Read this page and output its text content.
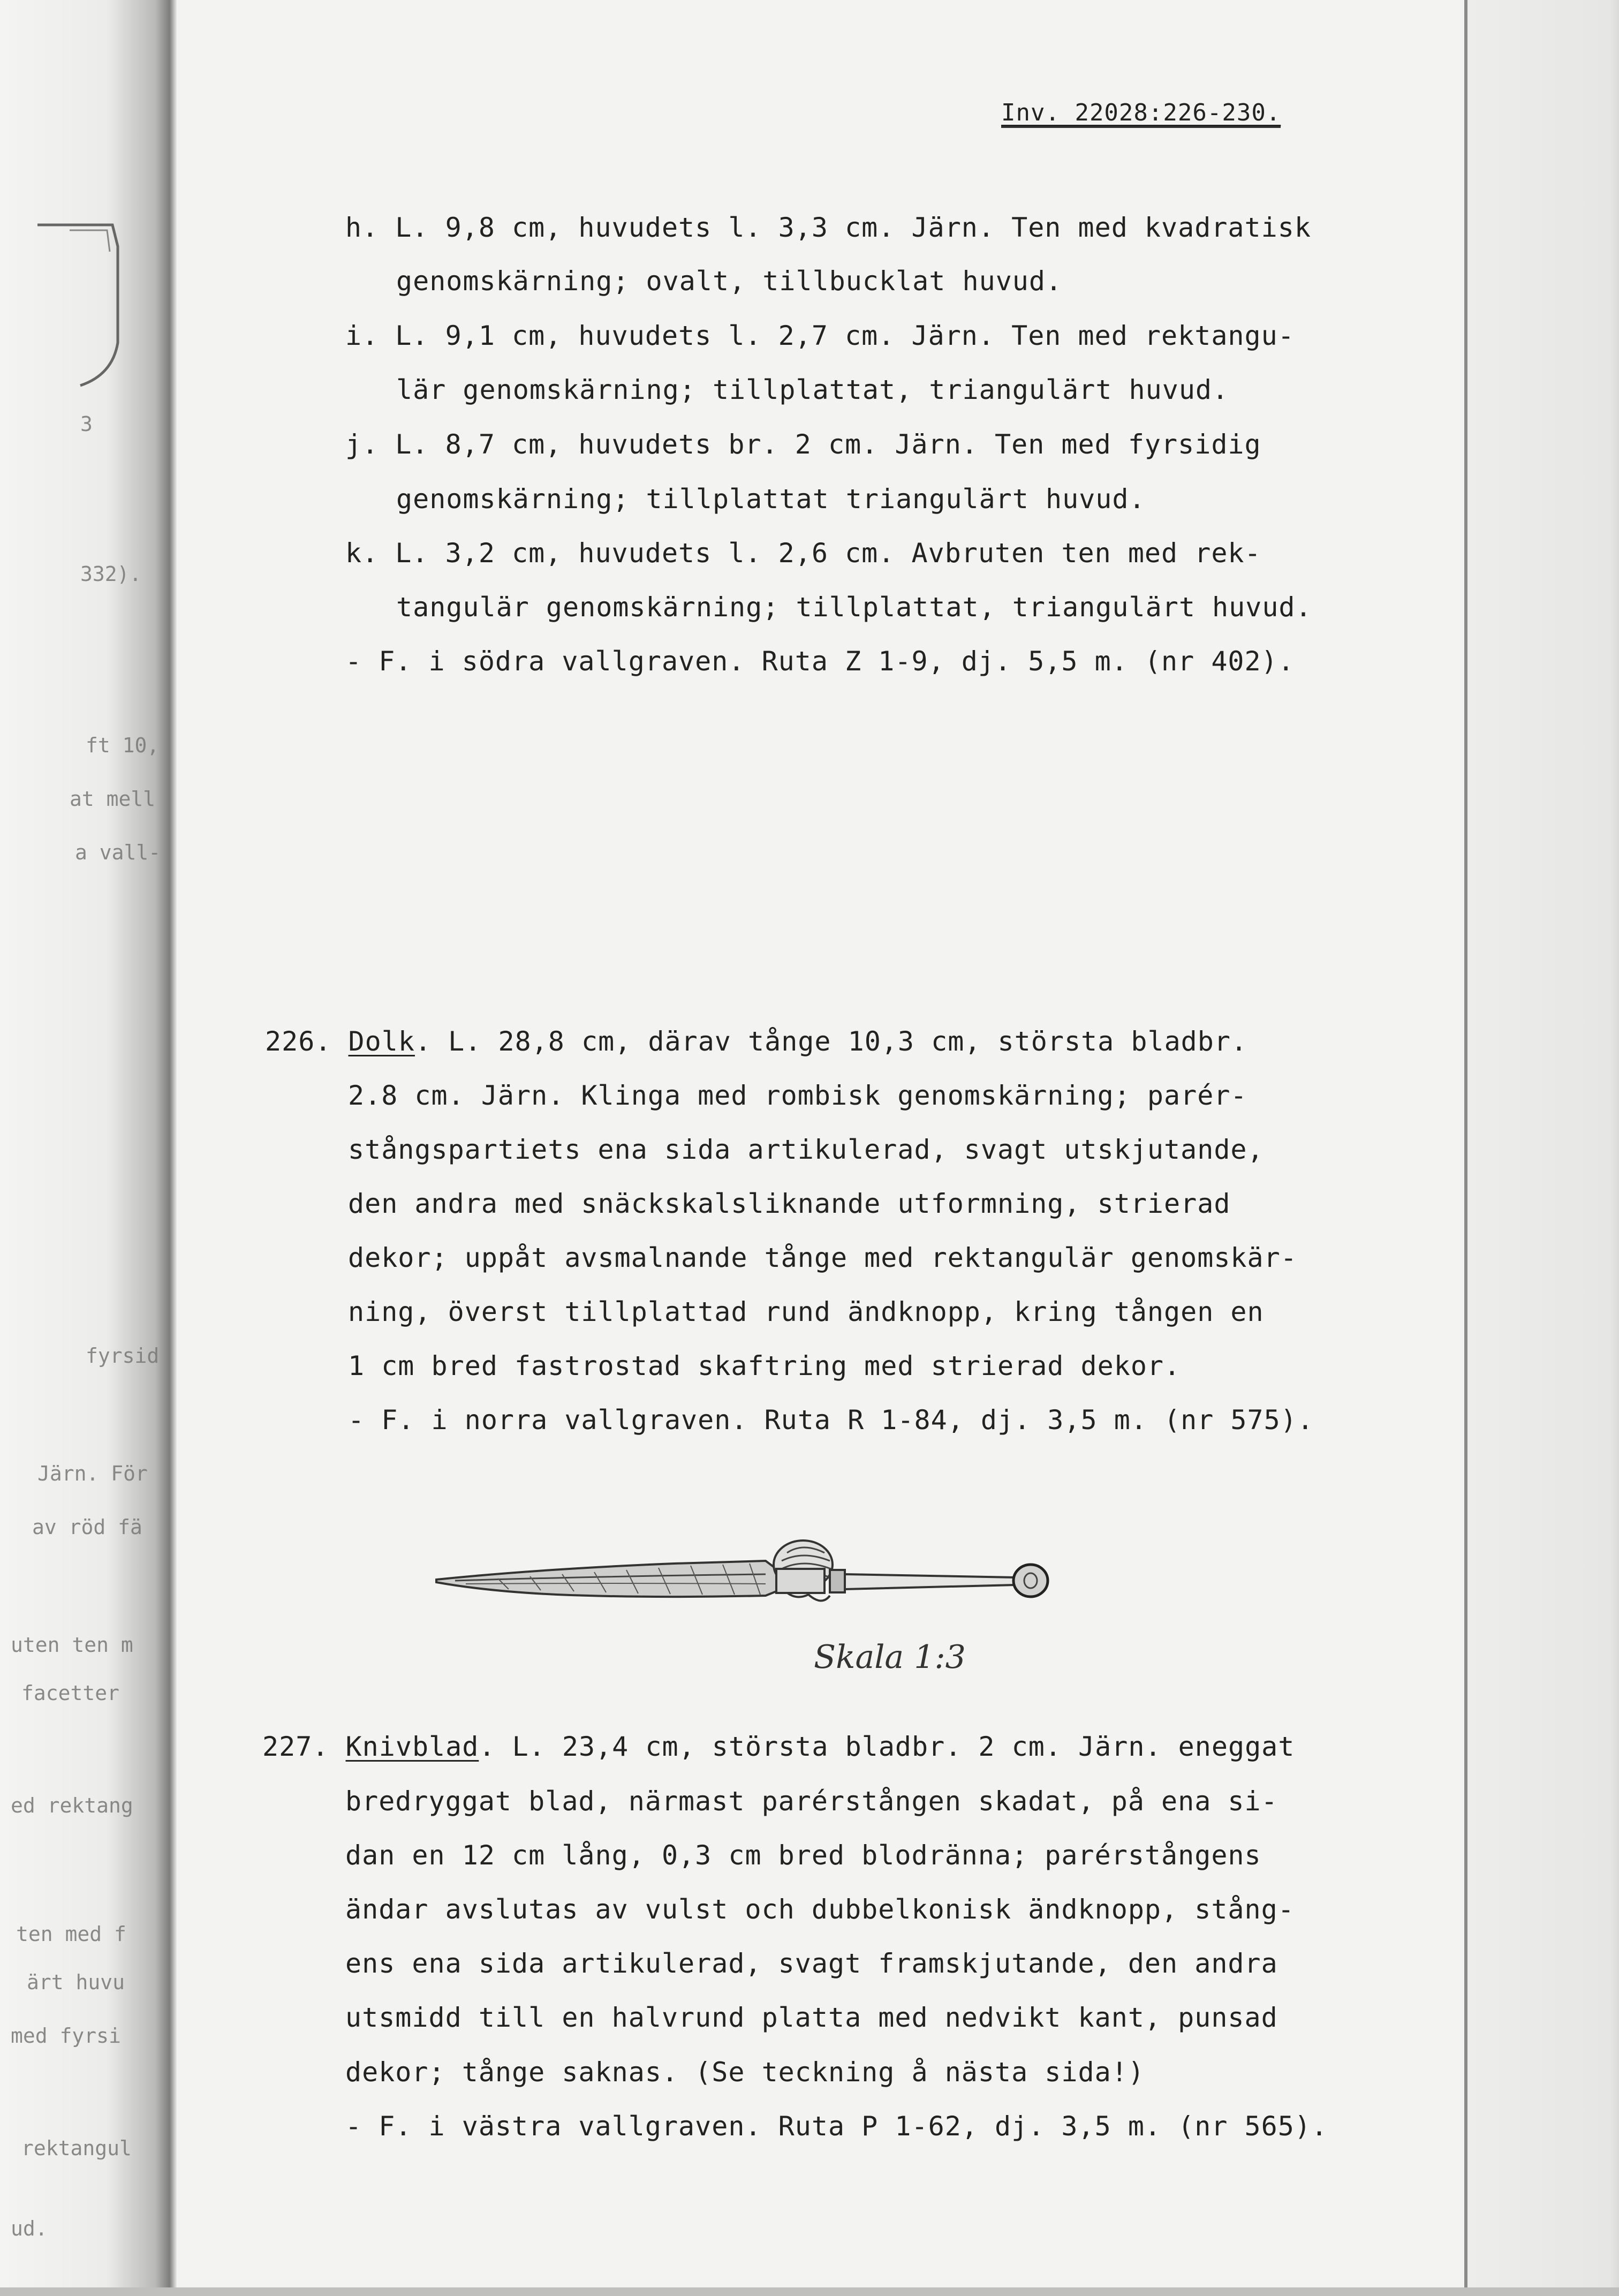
3
332).
ft 10,
at mell
a vall-
fyrsid
Järn. För
av röd fä
uten ten m
facetter
ed rektang
ten med f
ärt huvu
med fyrsi
rektangul
ud.
Inv. 22028:226-230.
h. L. 9,8 cm, huvudets l. 3,3 cm. Järn. Ten med kvadratisk
genomskärning; ovalt, tillbucklat huvud.
i. L. 9,1 cm, huvudets l. 2,7 cm. Järn. Ten med rektangu-
lär genomskärning; tillplattat, triangulärt huvud.
j. L. 8,7 cm, huvudets br. 2 cm. Järn. Ten med fyrsidig
genomskärning; tillplattat triangulärt huvud.
k. L. 3,2 cm, huvudets l. 2,6 cm. Avbruten ten med rek-
tangulär genomskärning; tillplattat, triangulärt huvud.
- F. i södra vallgraven. Ruta Z 1-9, dj. 5,5 m. (nr 402).
226. Dolk. L. 28,8 cm, därav tånge 10,3 cm, största bladbr.
2.8 cm. Järn. Klinga med rombisk genomskärning; parér-
stångspartiets ena sida artikulerad, svagt utskjutande,
den andra med snäckskalsliknande utformning, strierad
dekor; uppåt avsmalnande tånge med rektangulär genomskär-
ning, överst tillplattad rund ändknopp, kring tången en
1 cm bred fastrostad skaftring med strierad dekor.
- F. i norra vallgraven. Ruta R 1-84, dj. 3,5 m. (nr 575).
Skala 1:3
227. Knivblad. L. 23,4 cm, största bladbr. 2 cm. Järn. eneggat
bredryggat blad, närmast parérstången skadat, på ena si-
dan en 12 cm lång, 0,3 cm bred blodränna; parérstångens
ändar avslutas av vulst och dubbelkonisk ändknopp, stång-
ens ena sida artikulerad, svagt framskjutande, den andra
utsmidd till en halvrund platta med nedvikt kant, punsad
dekor; tånge saknas. (Se teckning å nästa sida!)
- F. i västra vallgraven. Ruta P 1-62, dj. 3,5 m. (nr 565).
